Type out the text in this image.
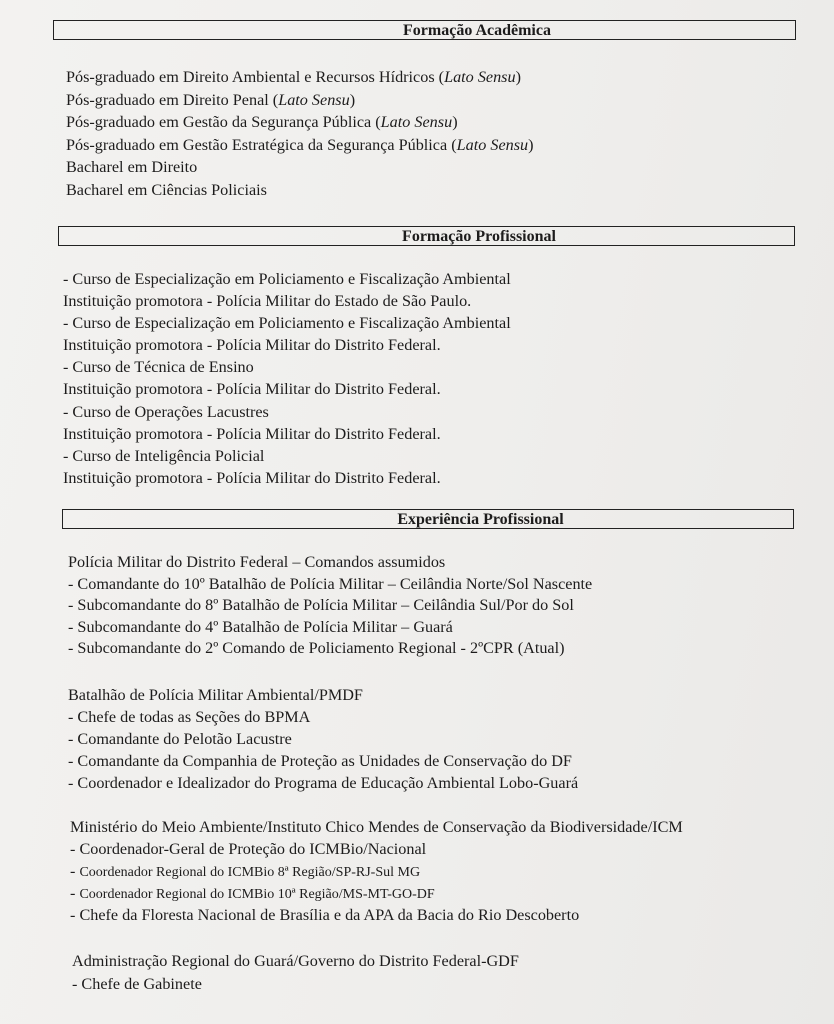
Formação Acadêmica
Pós-graduado em Direito Ambiental e Recursos Hídricos (Lato Sensu)
Pós-graduado em Direito Penal (Lato Sensu)
Pós-graduado em Gestão da Segurança Pública (Lato Sensu)
Pós-graduado em Gestão Estratégica da Segurança Pública (Lato Sensu)
Bacharel em Direito
Bacharel em Ciências Policiais
Formação Profissional
- Curso de Especialização em Policiamento e Fiscalização Ambiental
Instituição promotora - Polícia Militar do Estado de São Paulo.
- Curso de Especialização em Policiamento e Fiscalização Ambiental
Instituição promotora - Polícia Militar do Distrito Federal.
- Curso de Técnica de Ensino
Instituição promotora - Polícia Militar do Distrito Federal.
- Curso de Operações Lacustres
Instituição promotora - Polícia Militar do Distrito Federal.
- Curso de Inteligência Policial
Instituição promotora - Polícia Militar do Distrito Federal.
Experiência Profissional
Polícia Militar do Distrito Federal – Comandos assumidos
- Comandante do 10º Batalhão de Polícia Militar – Ceilândia Norte/Sol Nascente
- Subcomandante do 8º Batalhão de Polícia Militar – Ceilândia Sul/Por do Sol
- Subcomandante do 4º Batalhão de Polícia Militar – Guará
- Subcomandante do 2º Comando de Policiamento Regional - 2ºCPR (Atual)
Batalhão de Polícia Militar Ambiental/PMDF
- Chefe de todas as Seções do BPMA
- Comandante do Pelotão Lacustre
- Comandante da Companhia de Proteção as Unidades de Conservação do DF
- Coordenador e Idealizador do Programa de Educação Ambiental Lobo-Guará
Ministério do Meio Ambiente/Instituto Chico Mendes de Conservação da Biodiversidade/ICM
- Coordenador-Geral de Proteção do ICMBio/Nacional
- Coordenador Regional do ICMBio 8ª Região/SP-RJ-Sul MG
- Coordenador Regional do ICMBio 10ª Região/MS-MT-GO-DF
- Chefe da Floresta Nacional de Brasília e da APA da Bacia do Rio Descoberto
Administração Regional do Guará/Governo do Distrito Federal-GDF
- Chefe de Gabinete
